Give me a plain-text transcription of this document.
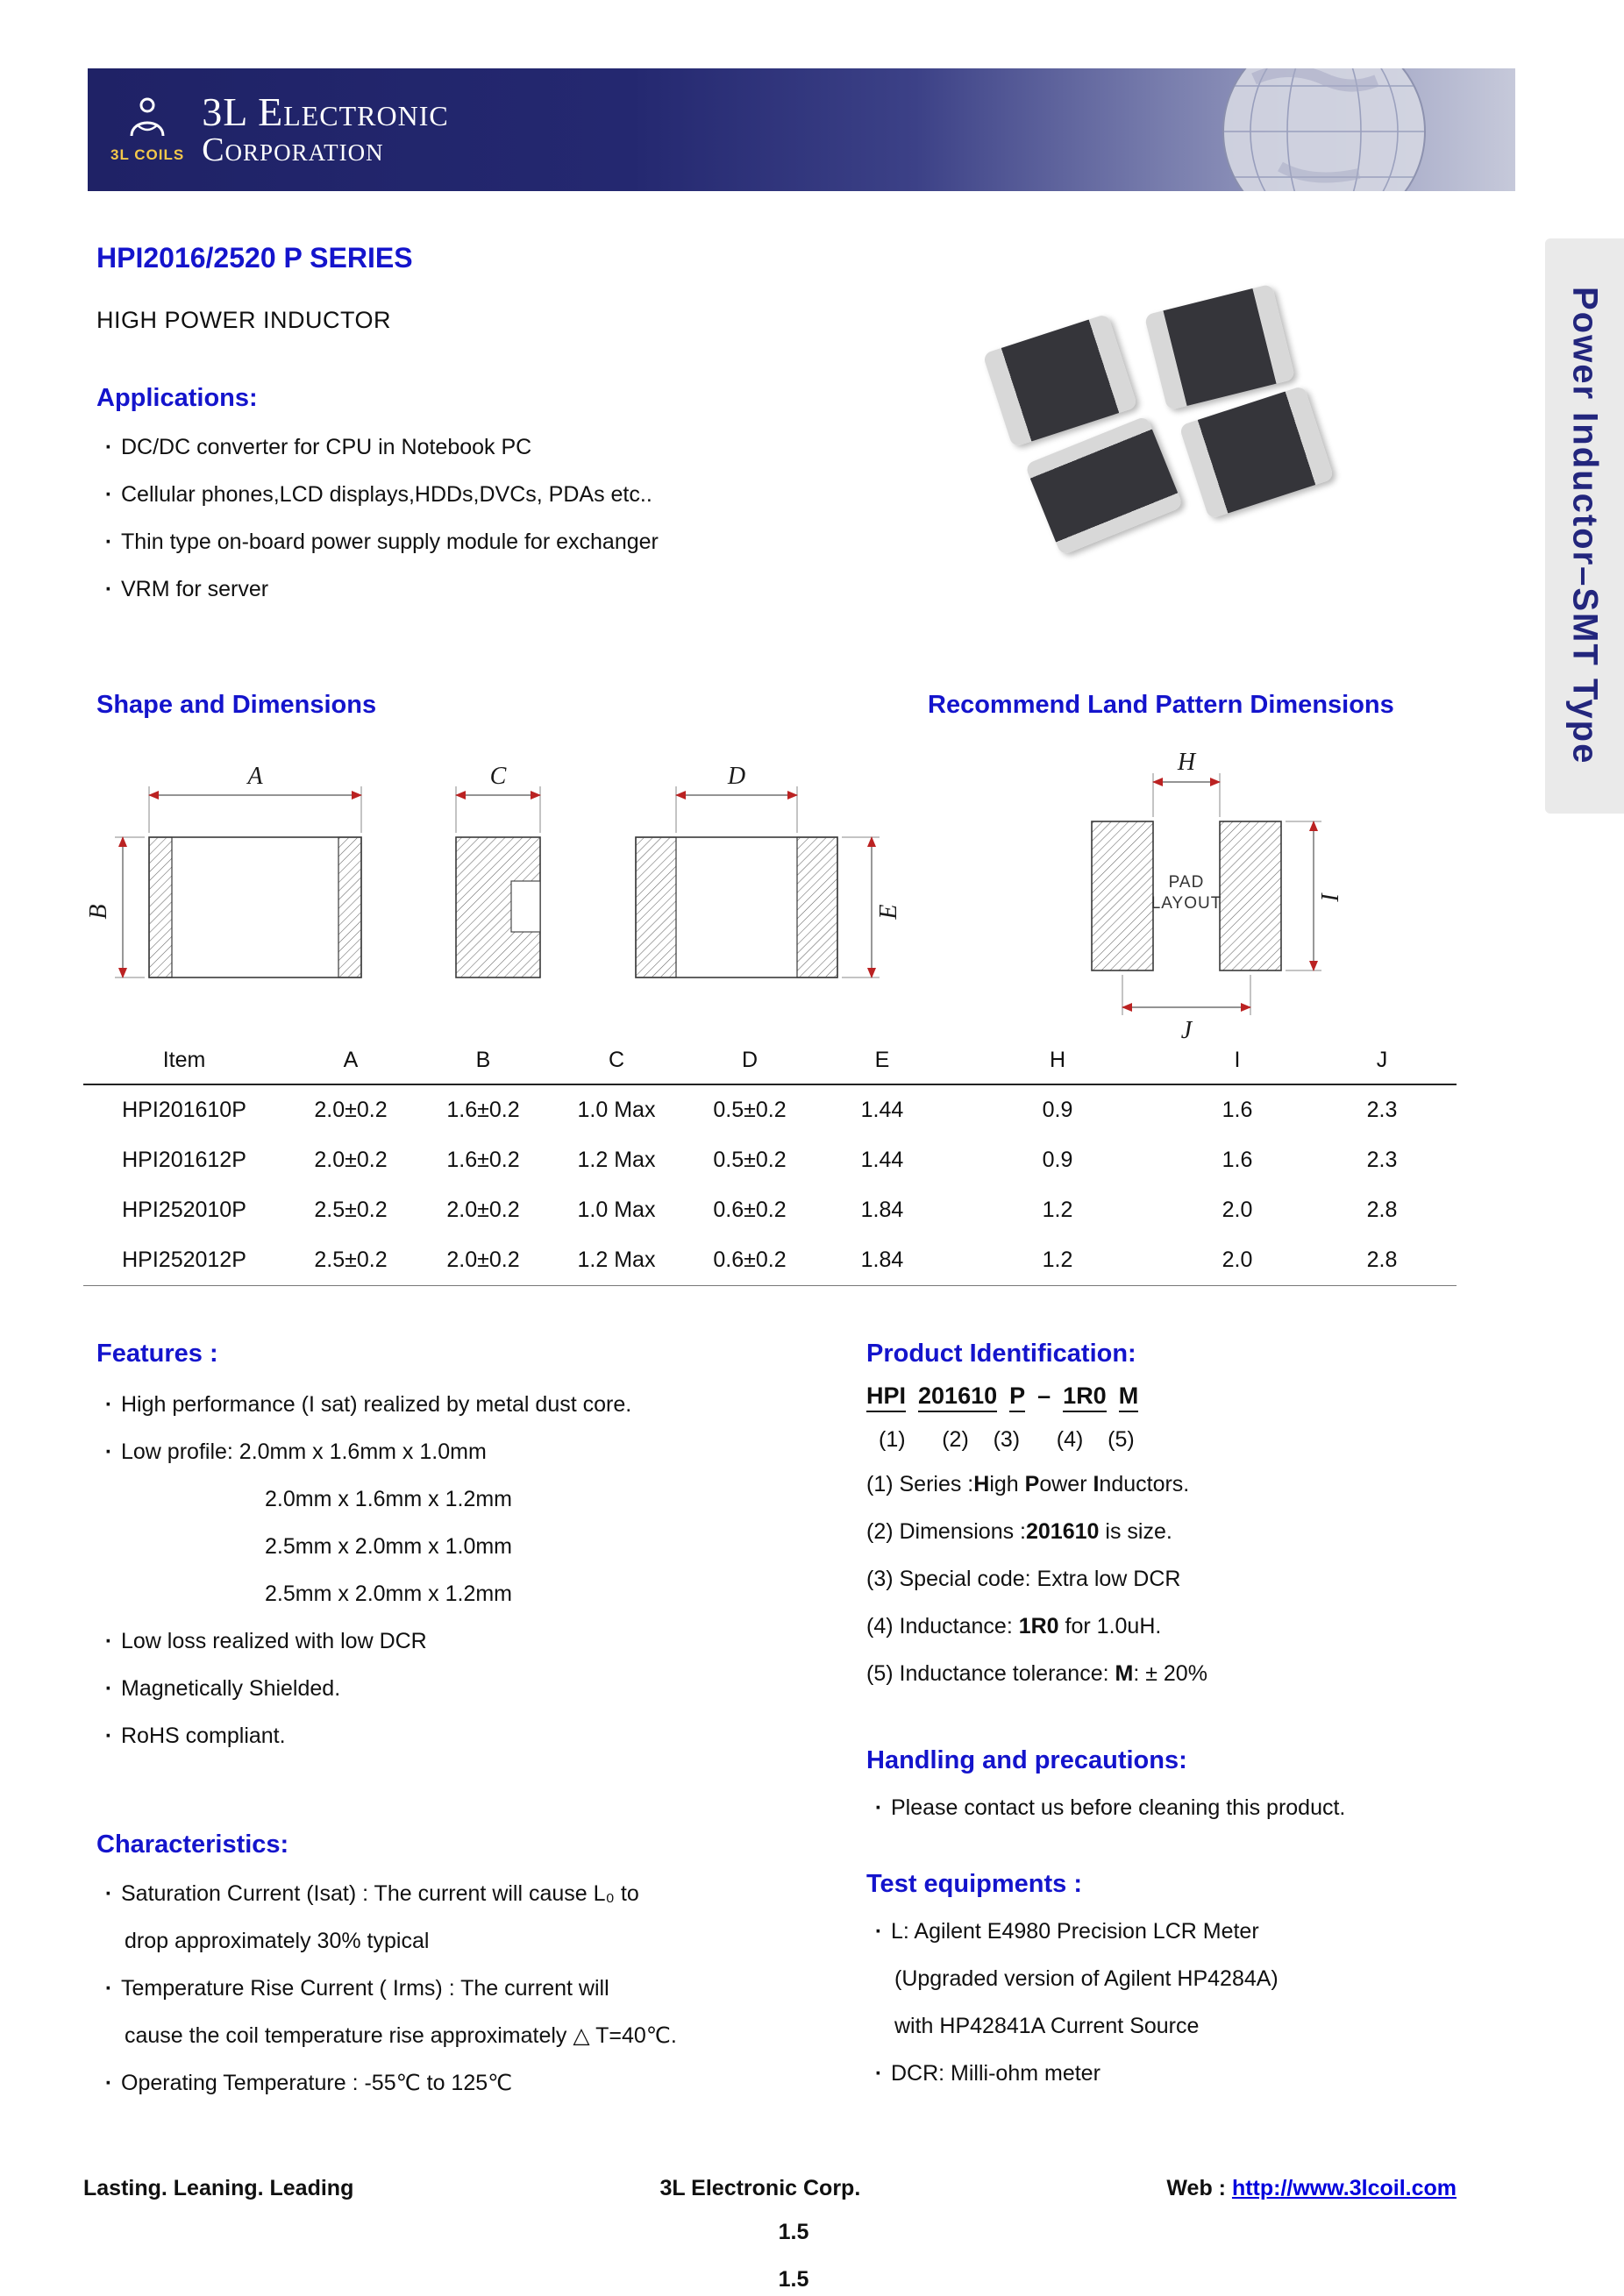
3L COILS
3L Electronic
Corporation
Power Inductor–SMT Type
HPI2016/2520 P SERIES
HIGH POWER INDUCTOR
Applications:
· DC/DC converter for CPU in Notebook PC
· Cellular phones,LCD displays,HDDs,DVCs, PDAs etc..
· Thin type on-board power supply module for exchanger
· VRM for server
Shape and Dimensions	Recommend Land Pattern Dimensions
A
B
C	D
E
PAD
LAYOUT
H
I
J
Item	A	B	C	D	E	H	I	J
HPI201610P	2.0±0.2	1.6±0.2	1.0 Max	0.5±0.2	1.44	0.9	1.6	2.3
HPI201612P	2.0±0.2	1.6±0.2	1.2 Max	0.5±0.2	1.44	0.9	1.6	2.3
HPI252010P	2.5±0.2	2.0±0.2	1.0 Max	0.6±0.2	1.84	1.2	2.0	2.8
HPI252012P	2.5±0.2	2.0±0.2	1.2 Max	0.6±0.2	1.84	1.2	2.0	2.8
Features :
· High performance (I sat) realized by metal dust core.
· Low profile: 2.0mm x 1.6mm x 1.0mm
2.0mm x 1.6mm x 1.2mm
2.5mm x 2.0mm x 1.0mm
2.5mm x 2.0mm x 1.2mm
· Low loss realized with low DCR
· Magnetically Shielded.
· RoHS compliant.
Product Identification:
HPI 201610 P – 1R0 M
(1)      (2)    (3)      (4)    (5)
(1) Series :High Power Inductors.
(2) Dimensions :201610 is size.
(3) Special code: Extra low DCR
(4) Inductance: 1R0 for 1.0uH.
(5) Inductance tolerance: M: ± 20%
Handling and precautions:
· Please contact us before cleaning this product.
Test equipments :
· L: Agilent E4980 Precision LCR Meter
(Upgraded version of Agilent HP4284A)
with HP42841A Current Source
· DCR: Milli-ohm meter
Characteristics:
· Saturation Current (Isat) : The current will cause L₀ to
drop approximately 30% typical
· Temperature Rise Current ( Irms) : The current will
cause the coil temperature rise approximately △ T=40℃.
· Operating Temperature : -55℃ to 125℃
Lasting. Leaning. Leading	3L Electronic Corp.	Web : http://www.3lcoil.com
1.5
1.5
